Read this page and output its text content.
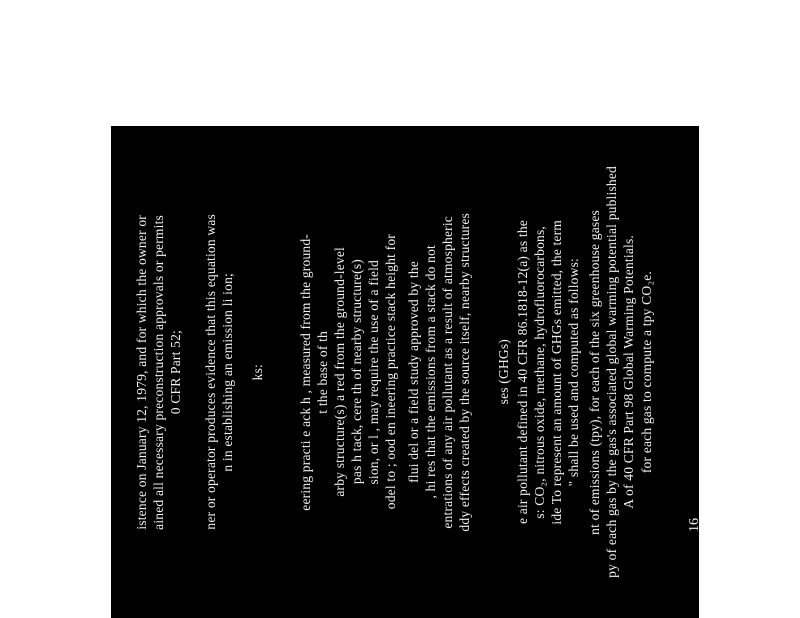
istence on January 12, 1979, and for which the owner or ained all necessary preconstruction approvals or permits 0 CFR Part 52; ner or operator produces evidence that this equation was n in establishing an emission li ion; ks: eering practi e ack h , measured from the ground- t the base of th arby structure(s) a red from the ground-level pas h tack, cere th of nearby structure(s) sion, or l , may require the use of a field odel to ; ood en ineering practice stack height for flui del or a field study approved by the , hi res that the emissions from a stack do not entrations of any air pollutant as a result of atmospheric ddy effects created by the source itself, nearby structures ses (GHGs) e air pollutant defined in 40 CFR 86.1818-12(a) as the s: CO₂, nitrous oxide, methane, hydrofluorocarbons, ide To represent an amount of GHGs emitted, the term " shall be used and computed as follows: nt of emissions (tpy), for each of the six greenhouse gases py of each gas by the gas's associated global warming potential published A of 40 CFR Part 98 Global Warming Potentials. for each gas to compute a tpy CO₂e.
16
